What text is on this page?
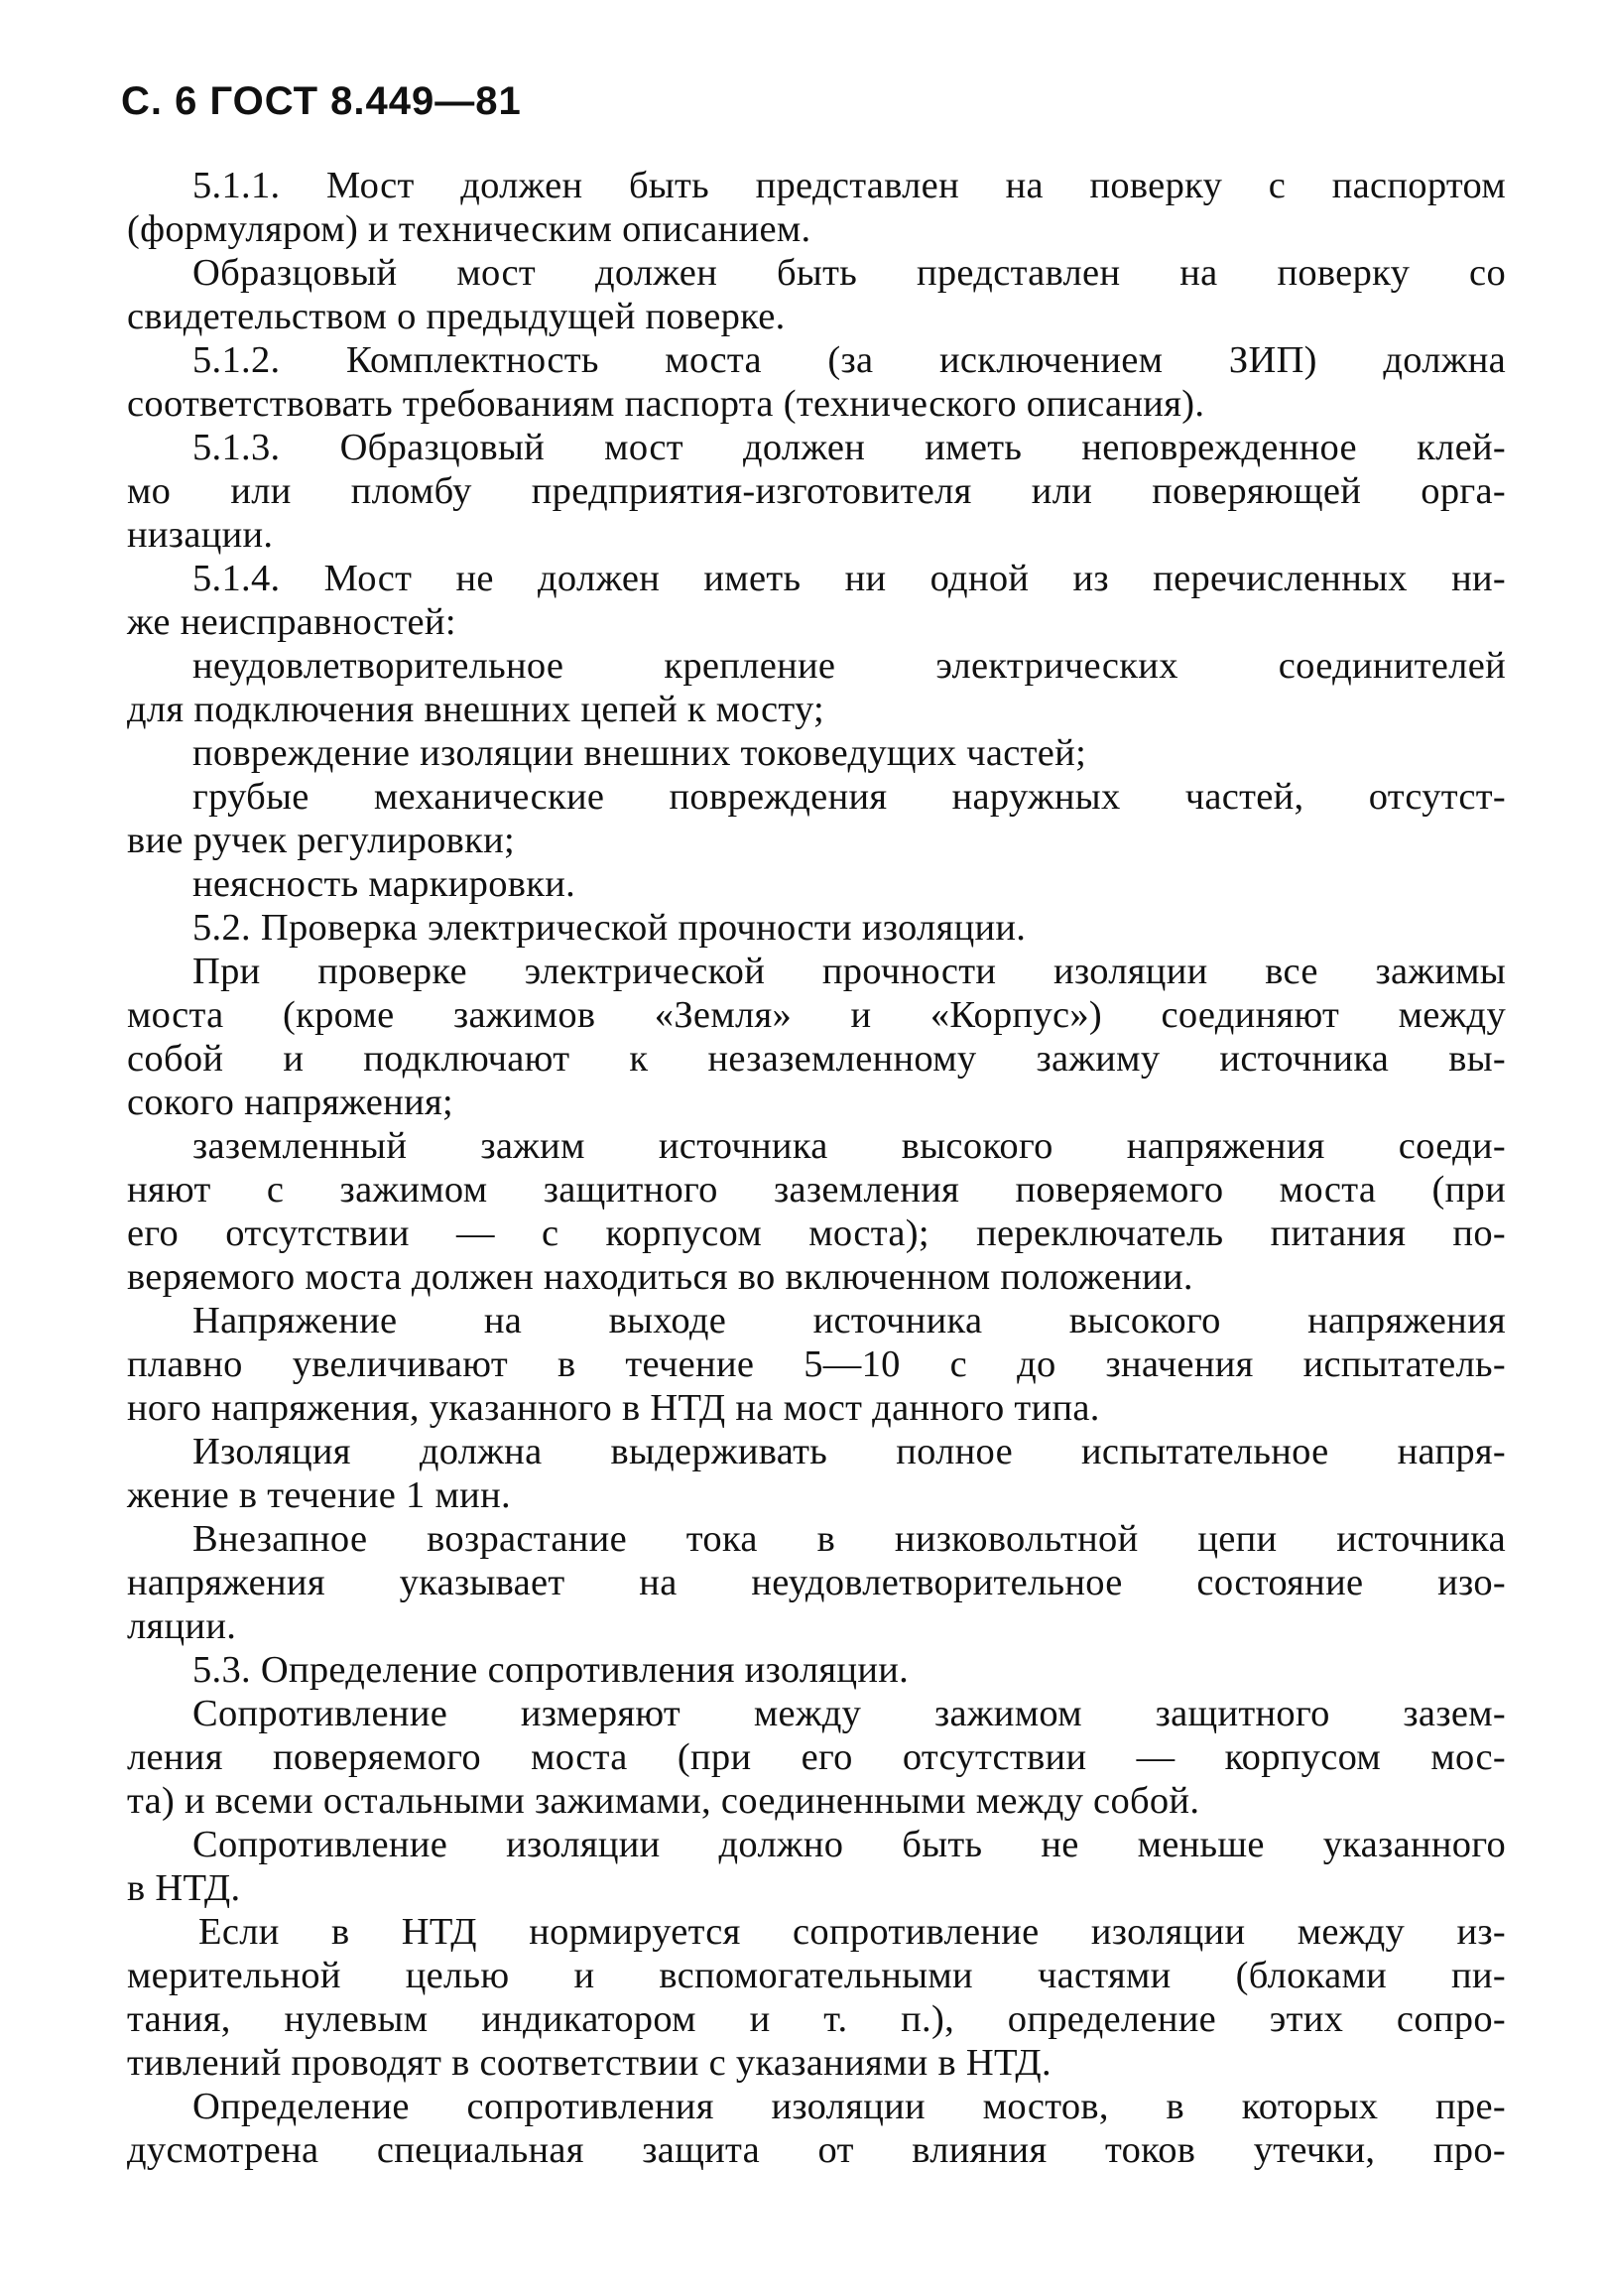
С. 6 ГОСТ 8.449—81
5.1.1. Мост должен быть представлен на поверку с паспортом
(формуляром) и техническим описанием.
Образцовый мост должен быть представлен на поверку со
свидетельством о предыдущей поверке.
5.1.2. Комплектность моста (за исключением ЗИП) должна
соответствовать требованиям паспорта (технического описания).
5.1.3. Образцовый мост должен иметь неповрежденное клей-
мо или пломбу предприятия-изготовителя или поверяющей орга-
низации.
5.1.4. Мост не должен иметь ни одной из перечисленных ни-
же неисправностей:
неудовлетворительное крепление электрических соединителей
для подключения внешних цепей к мосту;
повреждение изоляции внешних токоведущих частей;
грубые механические повреждения наружных частей, отсутст-
вие ручек регулировки;
неясность маркировки.
5.2. Проверка электрической прочности изоляции.
При проверке электрической прочности изоляции все зажимы
моста (кроме зажимов «Земля» и «Корпус») соединяют между
собой и подключают к незаземленному зажиму источника вы-
сокого напряжения;
заземленный зажим источника высокого напряжения соеди-
няют с зажимом защитного заземления поверяемого моста (при
его отсутствии — с корпусом моста); переключатель питания по-
веряемого моста должен находиться во включенном положении.
Напряжение на выходе источника высокого напряжения
плавно увеличивают в течение 5—10 с до значения испытатель-
ного напряжения, указанного в НТД на мост данного типа.
Изоляция должна выдерживать полное испытательное напря-
жение в течение 1 мин.
Внезапное возрастание тока в низковольтной цепи источника
напряжения указывает на неудовлетворительное состояние изо-
ляции.
5.3. Определение сопротивления изоляции.
Сопротивление измеряют между зажимом защитного зазем-
ления поверяемого моста (при его отсутствии — корпусом мос-
та) и всеми остальными зажимами, соединенными между собой.
Сопротивление изоляции должно быть не меньше указанного
в НТД.
Если в НТД нормируется сопротивление изоляции между из-
мерительной целью и вспомогательными частями (блоками пи-
тания, нулевым индикатором и т. п.), определение этих сопро-
тивлений проводят в соответствии с указаниями в НТД.
Определение сопротивления изоляции мостов, в которых пре-
дусмотрена специальная защита от влияния токов утечки, про-
